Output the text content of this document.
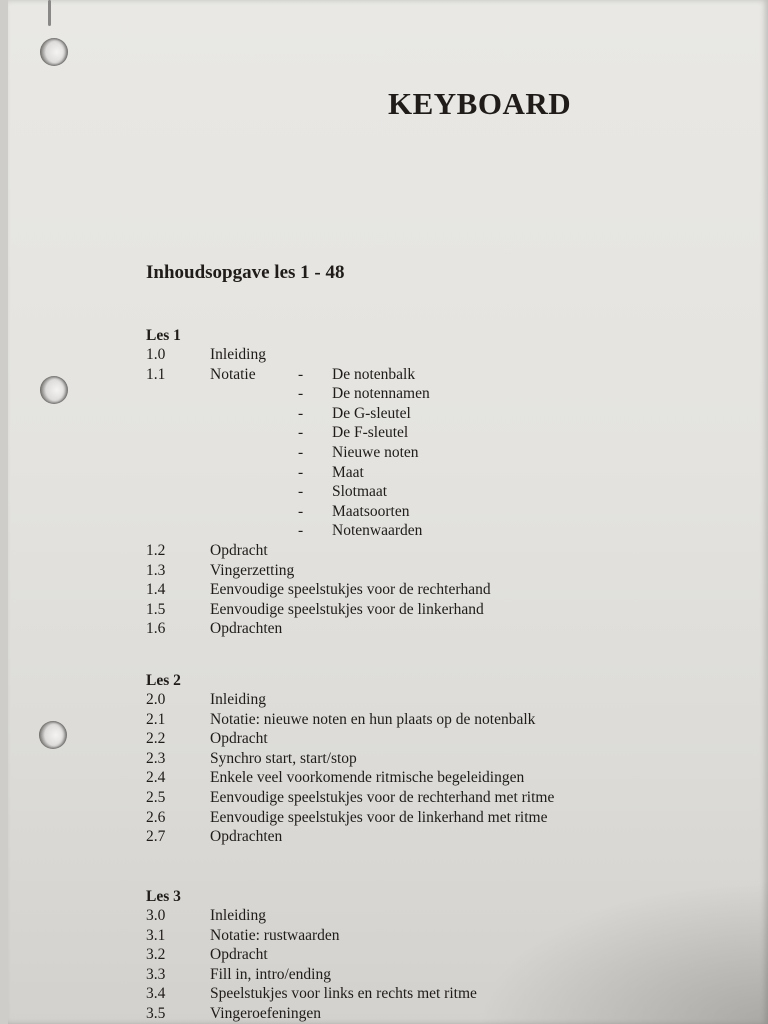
KEYBOARD
Inhoudsopgave les 1 - 48
Les 1
1.0	Inleiding
1.1	Notatie	- De notenbalk
- De notennamen
- De G-sleutel
- De F-sleutel
- Nieuwe noten
- Maat
- Slotmaat
- Maatsoorten
- Notenwaarden
1.2	Opdracht
1.3	Vingerzetting
1.4	Eenvoudige speelstukjes voor de rechterhand
1.5	Eenvoudige speelstukjes voor de linkerhand
1.6	Opdrachten
Les 2
2.0	Inleiding
2.1	Notatie: nieuwe noten en hun plaats op de notenbalk
2.2	Opdracht
2.3	Synchro start, start/stop
2.4	Enkele veel voorkomende ritmische begeleidingen
2.5	Eenvoudige speelstukjes voor de rechterhand met ritme
2.6	Eenvoudige speelstukjes voor de linkerhand met ritme
2.7	Opdrachten
Les 3
3.0	Inleiding
3.1	Notatie: rustwaarden
3.2	Opdracht
3.3	Fill in, intro/ending
3.4	Speelstukjes voor links en rechts met ritme
3.5	Vingeroefeningen
